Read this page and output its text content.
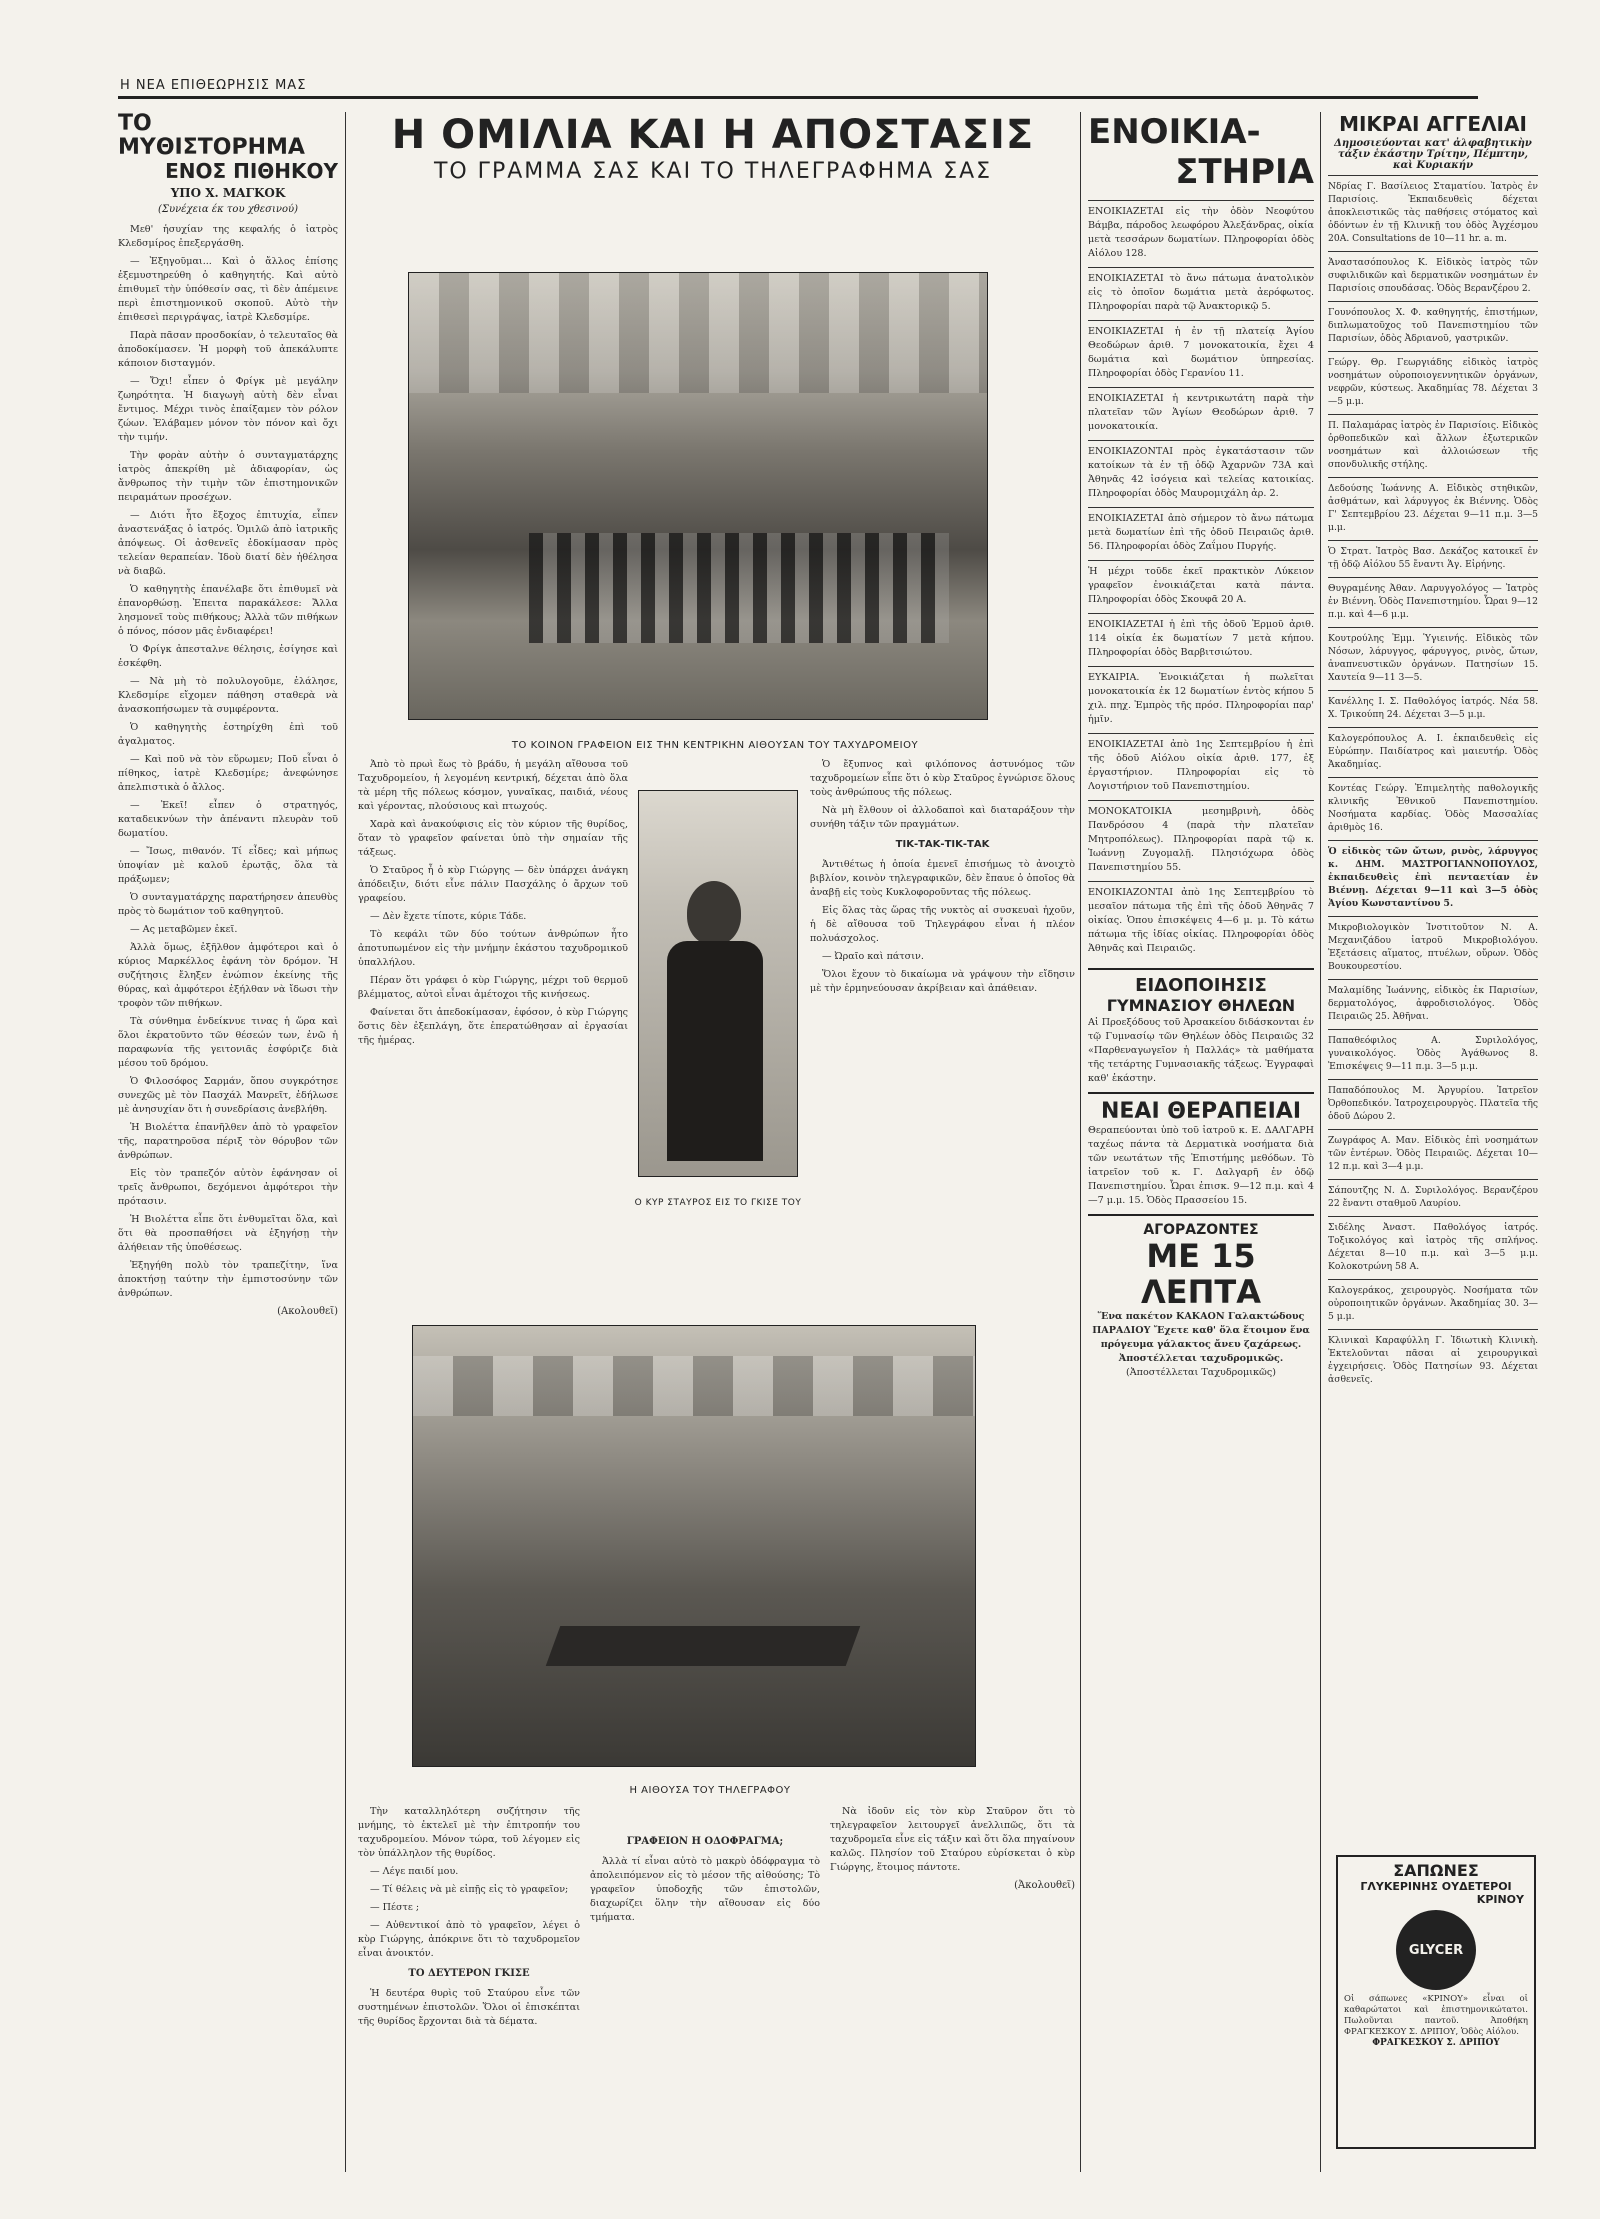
Η ΝΕΑ ΕΠΙΘΕΩΡΗΣΙΣ ΜΑΣ
ΤΟ ΜΥΘΙΣΤΟΡΗΜΑ
ΕΝΟΣ ΠΙΘΗΚΟΥ
ΥΠΟ Χ. ΜΑΓΚΟΚ
(Συνέχεια έκ του χθεσινού)

Μεθ' ἡσυχίαν της κεφαλής ὁ ἰατρὸς Κλεδσμίρος ἐπεξεργάσθη.

— Ἐξηγοῦμαι... Καὶ ὁ ἄλλος ἐπίσης ἐξεμυστηρεύθη ὁ καθηγητής. Καὶ αὐτὸ ἐπιθυμεῖ τὴν ὑπόθεσίν σας, τὶ δὲν ἀπέμεινε περὶ ἐπιστημονικοῦ σκοποῦ. Αὐτὸ τὴν ἐπιθεσεὶ περιγράψας, ἰατρὲ Κλεδσμίρε.

Παρὰ πᾶσαν προσδοκίαν, ὁ τελευταῖος θὰ ἀποδοκίμασεν. Ἡ μορφὴ τοῦ ἀπεκάλυπτε κάποιον δισταγμόν.

— Ὄχι! εἶπεν ὁ Φρίγκ μὲ μεγάλην ζωηρότητα. Ἡ διαγωγὴ αὐτὴ δὲν εἶναι ἔντιμος. Μέχρι τινὸς ἐπαίξαμεν τὸν ρόλον ζώων. Ἐλάβαμεν μόνον τὸν πόνον καὶ ὄχι τὴν τιμήν.

Τὴν φορὰν αὐτὴν ὁ συνταγματάρχης ἰατρὸς ἀπεκρίθη μὲ ἀδιαφορίαν, ὡς ἄνθρωπος τὴν τιμὴν τῶν ἐπιστημονικῶν πειραμάτων προσέχων.

— Διότι ἦτο ἔξοχος ἐπιτυχία, εἶπεν ἀναστενάξας ὁ ἰατρός. Ὁμιλῶ ἀπὸ ἰατρικῆς ἀπόψεως. Οἱ ἀσθενεῖς ἐδοκίμασαν πρὸς τελείαν θεραπείαν. Ἰδοὺ διατί δὲν ἠθέλησα νὰ διαβῶ.

Ὁ καθηγητὴς ἐπανέλαβε ὅτι ἐπιθυμεῖ νὰ ἐπανορθώσῃ. Ἐπειτα παρακάλεσε: Ἄλλα λησμονεῖ τοὺς πιθήκους; Ἀλλὰ τῶν πιθήκων ὁ πόνος, πόσον μᾶς ἐνδιαφέρει!

Ὁ Φρίγκ ἀπεσταλνε θέλησις, ἐσίγησε καὶ ἐσκέφθη.

— Νὰ μὴ τὸ πολυλογοῦμε, ἐλάλησε, Κλεδσμίρε εἴχομεν πάθηση σταθερὰ νὰ ἀνασκοπήσωμεν τὰ συμφέροντα.

Ὁ καθηγητὴς ἐστηρίχθη ἐπὶ τοῦ ἀγαλματος.

— Καὶ ποῦ νὰ τὸν εὕρωμεν; Ποῦ εἶναι ὁ πίθηκος, ἰατρὲ Κλεδσμίρε; ἀνεφώνησε ἀπελπιστικὰ ὁ ἄλλος.

— Ἐκεῖ! εἶπεν ὁ στρατηγός, καταδεικνύων τὴν ἀπέναντι πλευρὰν τοῦ δωματίου.

— Ἴσως, πιθανόν. Τί εἶδες; καὶ μήπως ὑποψίαν μὲ καλοῦ ἐρωτᾷς, ὅλα τὰ πράξωμεν;

Ὁ συνταγματάρχης παρατήρησεν ἀπευθὺς πρὸς τὸ δωμάτιον τοῦ καθηγητοῦ.

— Ας μεταβῶμεν ἐκεῖ.

Ἀλλὰ ὅμως, ἐξῆλθον ἀμφότεροι καὶ ὁ κύριος Μαρκέλλος ἐφάνη τὸν δρόμον. Ἡ συζήτησις ἔληξεν ἐνώπιον ἐκείνης τῆς θύρας, καὶ ἀμφότεροι ἐξήλθαν νὰ ἴδωσι τὴν τροφὸν τῶν πιθήκων.

Τὰ σύνθημα ἐνδείκνυε τινας ἡ ὥρα καὶ ὅλοι ἐκρατοῦντο τῶν θέσεών των, ἐνῶ ἡ παραφωνία τῆς γειτονιᾶς ἐσφύριζε διὰ μέσου τοῦ δρόμου.

Ὁ Φιλοσόφος Σαρμάν, ὅπου συγκρότησε συνεχῶς μὲ τὸν Πασχάλ Μανρεῖτ, ἐδήλωσε μὲ ἀνησυχίαν ὅτι ἡ συνεδρίασις ἀνεβλήθη.

Ἡ Βιολέττα ἐπανῆλθεν ἀπὸ τὸ γραφεῖον τῆς, παρατηροῦσα πέριξ τὸν θόρυβον τῶν ἀνθρώπων.

Εἰς τὸν τραπεζόν αὐτὸν ἐφάνησαν οἱ τρεῖς ἄνθρωποι, δεχόμενοι ἀμφότεροι τὴν πρότασιν.

Ἡ Βιολέττα εἶπε ὅτι ἐνθυμεῖται ὅλα, καὶ ὅτι θὰ προσπαθήσει νὰ ἐξηγήσῃ τὴν ἀλήθειαν τῆς ὑποθέσεως.

Ἐξηγήθη πολὺ τὸν τραπεζίτην, ἵνα ἀποκτήσῃ ταύτην τὴν ἐμπιστοσύνην τῶν ἀνθρώπων.

(Ακολουθεῖ)
Η ΟΜΙΛΙΑ ΚΑΙ Η ΑΠΟΣΤΑΣΙΣ
ΤΟ ΓΡΑΜΜΑ ΣΑΣ ΚΑΙ ΤΟ ΤΗΛΕΓΡΑΦΗΜΑ ΣΑΣ
ΤΟ ΚΟΙΝΟΝ ΓΡΑΦΕΙΟΝ ΕΙΣ ΤΗΝ ΚΕΝΤΡΙΚΗΝ ΑΙΘΟΥΣΑΝ ΤΟΥ ΤΑΧΥΔΡΟΜΕΙΟΥ

Ἀπὸ τὸ πρωὶ ἕως τὸ βράδυ, ἡ μεγάλη αἴθουσα τοῦ Ταχυδρομείου, ἡ λεγομένη κεντρική, δέχεται ἀπὸ ὅλα τὰ μέρη τῆς πόλεως κόσμον, γυναῖκας, παιδιά, νέους καὶ γέροντας, πλούσιους καὶ πτωχούς.

Χαρὰ καὶ ἀνακούφισις εἰς τὸν κύριον τῆς θυρίδος, ὅταν τὸ γραφεῖον φαίνεται ὑπὸ τὴν σημαίαν τῆς τάξεως.

Ὁ Σταῦρος ἦ ὁ κὺρ Γιώργης — δὲν ὑπάρχει ἀνάγκη ἀπόδειξιν, διότι εἶνε πάλιν Πασχάλης ὁ ἄρχων τοῦ γραφείου.

— Δὲν ἔχετε τίποτε, κύριε Τάδε.

Τὸ κεφάλι τῶν δύο τούτων ἀνθρώπων ἦτο ἀποτυπωμένον εἰς τὴν μνήμην ἑκάστου ταχυδρομικοῦ ὑπαλλήλου.

Πέραν ὅτι γράφει ὁ κὺρ Γιώργης, μέχρι τοῦ θερμοῦ βλέμματος, αὐτοὶ εἶναι ἀμέτοχοι τῆς κινήσεως.

Φαίνεται ὅτι ἀπεδοκίμασαν, ἐφόσον, ὁ κὺρ Γιώργης ὅστις δὲν ἐξεπλάγη, ὅτε ἐπερατώθησαν αἱ ἐργασίαι τῆς ἡμέρας.

Ο ΚΥΡ ΣΤΑΥΡΟΣ ΕΙΣ ΤΟ ΓΚΙΣΕ ΤΟΥ

Ὁ ἔξυπνος καὶ φιλόπονος ἀστυνόμος τῶν ταχυδρομείων εἶπε ὅτι ὁ κὺρ Σταῦρος ἐγνώρισε ὅλους τοὺς ἀνθρώπους τῆς πόλεως.

Νὰ μὴ ἔλθουν οἱ ἀλλοδαποὶ καὶ διαταράξουν τὴν συνήθη τάξιν τῶν πραγμάτων.

ΤΙΚ-ΤΑΚ-ΤΙΚ-ΤΑΚ

Ἀντιθέτως ἡ ὁποία ἐμενεῖ ἐπισήμως τὸ ἀνοιχτὸ βιβλίον, κοινὸν τηλεγραφικῶν, δὲν ἔπαυε ὁ ὁποῖος θὰ ἀναβῇ εἰς τοὺς Κυκλοφοροῦντας τῆς πόλεως.

Εἰς ὅλας τὰς ὥρας τῆς νυκτὸς αἱ συσκευαὶ ἠχοῦν, ἡ δὲ αἴθουσα τοῦ Τηλεγράφου εἶναι ἡ πλέον πολυάσχολος.

— Ὠραῖο καὶ πάτσιν.

Ὅλοι ἔχουν τὸ δικαίωμα νὰ γράψουν τὴν εἴδησιν μὲ τὴν ἑρμηνεύουσαν ἀκρίβειαν καὶ ἀπάθειαν.

Η ΑΙΘΟΥΣΑ ΤΟΥ ΤΗΛΕΓΡΑΦΟΥ

Τὴν καταλληλότερη συζήτησιν τῆς μνήμης, τὸ ἐκτελεῖ μὲ τὴν ἐπιτροπήν του ταχυδρομείου. Μόνον τώρα, τοῦ λέγομεν εἰς τὸν ὑπάλληλον τῆς θυρίδος.

— Λέγε παιδί μου.

— Τί θέλεις νὰ μὲ εἰπῇς εἰς τὸ γραφεῖον;

— Πέστε ;

— Αὐθεντικοί ἀπὸ τὸ γραφεῖον, λέγει ὁ κὺρ Γιώργης, ἀπόκρινε ὅτι τὸ ταχυδρομεῖον εἶναι ἀνοικτόν.

ΤΟ ΔΕΥΤΕΡΟΝ ΓΚΙΣΕ

Ἡ δευτέρα θυρὶς τοῦ Σταύρου εἶνε τῶν συστημένων ἐπιστολῶν. Ὅλοι οἱ ἐπισκέπται τῆς θυρίδος ἔρχονται διὰ τὰ δέματα.

ΓΡΑΦΕΙΟΝ Η ΟΔΟΦΡΑΓΜΑ;

Ἀλλὰ τί εἶναι αὐτὸ τὸ μακρὺ ὁδόφραγμα τὸ ἀπολειπόμενον εἰς τὸ μέσον τῆς αἰθούσης; Τὸ γραφεῖον ὑποδοχῆς τῶν ἐπιστολῶν, διαχωρίζει ὅλην τὴν αἴθουσαν εἰς δύο τμήματα.

Νὰ ἰδοῦν εἰς τὸν κὺρ Σταῦρον ὅτι τὸ τηλεγραφεῖον λειτουργεῖ ἀνελλιπῶς, ὅτι τὰ ταχυδρομεῖα εἶνε εἰς τάξιν καὶ ὅτι ὅλα πηγαίνουν καλῶς. Πλησίον τοῦ Σταύρου εὑρίσκεται ὁ κὺρ Γιώργης, ἕτοιμος πάντοτε.

(Ἀκολουθεῖ)
ΕΝΟΙΚΙΑ-
ΣΤΗΡΙΑ
ΕΝΟΙΚΙΑΖΕΤΑΙ εἰς τὴν ὁδὸν Νεοφύτου Βάμβα, πάροδος λεωφόρου Ἀλεξάνδρας, οἰκία μετὰ τεσσάρων δωματίων. Πληροφορίαι ὁδὸς Αἰόλου 128.
ΕΝΟΙΚΙΑΖΕΤΑΙ τὸ ἄνω πάτωμα ἀνατολικὸν εἰς τὸ ὁποῖον δωμάτια μετὰ ἀερόφωτος. Πληροφορίαι παρὰ τῷ Ἀνακτορικῷ 5.
ΕΝΟΙΚΙΑΖΕΤΑΙ ἡ ἐν τῇ πλατείᾳ Ἁγίου Θεοδώρων ἀριθ. 7 μονοκατοικία, ἔχει 4 δωμάτια καὶ δωμάτιον ὑπηρεσίας. Πληροφορίαι ὁδὸς Γερανίου 11.
ΕΝΟΙΚΙΑΖΕΤΑΙ ἡ κεντρικωτάτη παρὰ τὴν πλατεῖαν τῶν Ἁγίων Θεοδώρων ἀριθ. 7 μονοκατοικία.
ΕΝΟΙΚΙΑΖΟΝΤΑΙ πρὸς ἐγκατάστασιν τῶν κατοίκων τὰ ἐν τῇ ὁδῷ Ἀχαρνῶν 73Α καὶ Ἀθηνᾶς 42 ἰσόγεια καὶ τελείας κατοικίας. Πληροφορίαι ὁδὸς Μαυρομιχάλη ἀρ. 2.
ΕΝΟΙΚΙΑΖΕΤΑΙ ἀπὸ σήμερον τὸ ἄνω πάτωμα μετὰ δωματίων ἐπὶ τῆς ὁδοῦ Πειραιῶς ἀριθ. 56. Πληροφορίαι ὁδὸς Ζαΐμου Πυργής.
Ἡ μέχρι τοῦδε ἐκεῖ πρακτικὸν Λύκειον γραφεῖον ἐνοικιάζεται κατὰ πάντα. Πληροφορίαι ὁδὸς Σκουφᾶ 20 Α.
ΕΝΟΙΚΙΑΖΕΤΑΙ ἡ ἐπὶ τῆς ὁδοῦ Ἐρμοῦ ἀριθ. 114 οἰκία ἐκ δωματίων 7 μετὰ κήπου. Πληροφορίαι ὁδὸς Βαρβιτσιώτου.
ΕΥΚΑΙΡΙΑ. Ἐνοικιάζεται ἡ πωλεῖται μονοκατοικία ἐκ 12 δωματίων ἐντὸς κήπου 5 χιλ. πηχ. Ἐμπρὸς τῆς πρόσ. Πληροφορίαι παρ' ἡμῖν.
ΕΝΟΙΚΙΑΖΕΤΑΙ ἀπὸ 1ης Σεπτεμβρίου ἡ ἐπὶ τῆς ὁδοῦ Αἰόλου οἰκία ἀριθ. 177, ἐξ ἐργαστήριον. Πληροφορίαι εἰς τὸ Λογιστήριον τοῦ Πανεπιστημίου.
ΜΟΝΟΚΑΤΟΙΚΙΑ μεσημβρινὴ, ὁδὸς Πανδρόσου 4 (παρὰ τὴν πλατεῖαν Μητροπόλεως). Πληροφορίαι παρὰ τῷ κ. Ἰωάννῃ Ζυγομαλῇ. Πλησιόχωρα ὁδὸς Πανεπιστημίου 55.
ΕΝΟΙΚΙΑΖΟΝΤΑΙ ἀπὸ 1ης Σεπτεμβρίου τὸ μεσαῖον πάτωμα τῆς ἐπὶ τῆς ὁδοῦ Ἀθηνᾶς 7 οἰκίας. Ὁπου ἐπισκέψεις 4—6 μ. μ. Τὸ κάτω πάτωμα τῆς ἰδίας οἰκίας. Πληροφορίαι ὁδὸς Ἀθηνᾶς καὶ Πειραιῶς.
ΕΙΔΟΠΟΙΗΣΙΣ
ΓΥΜΝΑΣΙΟΥ ΘΗΛΕΩΝ
Αἱ Προεξόδους τοῦ Ἀρσακείου διδάσκονται ἐν τῷ Γυμνασίῳ τῶν Θηλέων ὁδὸς Πειραιῶς 32 «Παρθεναγωγεῖον ἡ Παλλάς» τὰ μαθήματα τῆς τετάρτης Γυμνασιακῆς τάξεως. Ἐγγραφαὶ καθ' ἑκάστην.
ΝΕΑΙ ΘΕΡΑΠΕΙΑΙ
Θεραπεύονται ὑπὸ τοῦ ἰατροῦ κ. Ε. ΔΑΛΓΑΡΗ ταχέως πάντα τὰ Δερματικὰ νοσήματα διὰ τῶν νεωτάτων τῆς Ἐπιστήμης μεθόδων. Τὸ ἰατρεῖον τοῦ κ. Γ. Δαλγαρῆ ἐν ὁδῷ Πανεπιστημίου. Ὧραι ἐπισκ. 9—12 π.μ. καὶ 4—7 μ.μ. 15. Ὁδὸς Πρασσείου 15.
ΑΓΟΡΑΖΟΝΤΕΣ
ΜΕ 15 ΛΕΠΤΑ
Ἕνα πακέτον ΚΑΚΑΟΝ Γαλακτώδους ΠΑΡΑΔΙΟΥ Ἔχετε καθ' ὅλα ἕτοιμον ἕνα πρόγευμα γάλακτος ἄνευ ζαχάρεως. Ἀποστέλλεται ταχυδρομικῶς.
(Ἀποστέλλεται Ταχυδρομικῶς)
ΜΙΚΡΑΙ ΑΓΓΕΛΙΑΙ
Δημοσιεύονται κατ' ἀλφαβητικὴν τάξιν ἑκάστην Τρίτην, Πέμπτην, καὶ Κυριακήν
Νδρίας Γ. Βασίλειος Σταματίου. Ἰατρὸς ἐν Παρισίοις. Ἐκπαιδευθεὶς δέχεται ἀποκλειστικῶς τὰς παθήσεις στόματος καὶ ὀδόντων ἐν τῇ Κλινικῇ του ὁδὸς Ἀγχέσμου 20Α. Consultations de 10—11 hr. a. m.
Ἀναστασόπουλος Κ. Εἰδικὸς ἰατρὸς τῶν συφιλιδικῶν καὶ δερματικῶν νοσημάτων ἐν Παρισίοις σπουδάσας. Ὁδὸς Βερανζέρου 2.
Γουνόπουλος Χ. Φ. καθηγητής, ἐπιστήμων, διπλωματοῦχος τοῦ Πανεπιστημίου τῶν Παρισίων, ὁδὸς Ἀδριανοῦ, γαστρικῶν.
Γεώργ. Θρ. Γεωργιάδης εἰδικὸς ἰατρὸς νοσημάτων οὐροποιογεννητικῶν ὀργάνων, νεφρῶν, κύστεως. Ἀκαδημίας 78. Δέχεται 3—5 μ.μ.
Π. Παλαμάρας ἰατρὸς ἐν Παρισίοις. Εἰδικὸς ὀρθοπεδικῶν καὶ ἄλλων ἐξωτερικῶν νοσημάτων καὶ ἀλλοιώσεων τῆς σπονδυλικῆς στήλης.
Δεδούσης Ἰωάννης Α. Εἰδικὸς στηθικῶν, ἀσθμάτων, καὶ λάρυγγος ἐκ Βιέννης. Ὁδὸς Γ' Σεπτεμβρίου 23. Δέχεται 9—11 π.μ. 3—5 μ.μ.
Ὁ Στρατ. Ἰατρὸς Βασ. Δεκάζος κατοικεῖ ἐν τῇ ὁδῷ Αἰόλου 55 ἔναντι Ἁγ. Εἰρήνης.
Θυγραμένης Ἀθαν. Λαρυγγολόγος — Ἰατρὸς ἐν Βιέννη. Ὁδὸς Πανεπιστημίου. Ὧραι 9—12 π.μ. καὶ 4—6 μ.μ.
Κουτρούλης Ἐμμ. Ὑγιεινής. Εἰδικὸς τῶν Νόσων, λάρυγγος, φάρυγγος, ρινὸς, ὤτων, ἀναπνευστικῶν ὀργάνων. Πατησίων 15. Χαυτεία 9—11 3—5.
Κανέλλης Ι. Σ. Παθολόγος ἰατρός. Νέα 58. Χ. Τρικούπη 24. Δέχεται 3—5 μ.μ.
Καλογερόπουλος Α. Ι. ἐκπαιδευθεὶς εἰς Εὐρώπην. Παιδίατρος καὶ μαιευτήρ. Ὁδὸς Ἀκαδημίας.
Κοντέας Γεώργ. Ἐπιμελητὴς παθολογικῆς κλινικῆς Ἐθνικοῦ Πανεπιστημίου. Νοσήματα καρδίας. Ὁδὸς Μασσαλίας ἀριθμὸς 16.
Ὁ εἰδικὸς τῶν ὤτων, ρινὸς, λάρυγγος κ. ΔΗΜ. ΜΑΣΤΡΟΓΙΑΝΝΟΠΟΥΛΟΣ, ἐκπαιδευθεὶς ἐπὶ πενταετίαν ἐν Βιέννῃ. Δέχεται 9—11 καὶ 3—5 ὁδὸς Ἀγίου Κωνσταντίνου 5.
Μικροβιολογικὸν Ἰνστιτοῦτον Ν. Α. Μεχανιζάδου ἰατροῦ Μικροβιολόγου. Ἐξετάσεις αἵματος, πτυέλων, οὔρων. Ὁδὸς Βουκουρεστίου.
Μαλαμίδης Ἰωάννης, εἰδικὸς ἐκ Παρισίων, δερματολόγος, ἀφροδισιολόγος. Ὁδὸς Πειραιῶς 25. Ἀθῆναι.
Παπαθεόφιλος Α. Συριλολόγος, γυναικολόγος. Ὁδὸς Ἀγάθωνος 8. Ἐπισκέψεις 9—11 π.μ. 3—5 μ.μ.
Παπαδόπουλος Μ. Ἀργυρίου. Ἰατρεῖον Ὀρθοπεδικόν. Ἰατροχειρουργὸς. Πλατεῖα τῆς ὁδοῦ Δώρου 2.
Ζωγράφος Α. Μαν. Εἰδικὸς ἐπὶ νοσημάτων τῶν ἐντέρων. Ὁδὸς Πειραιῶς. Δέχεται 10—12 π.μ. καὶ 3—4 μ.μ.
Σάπουτζης Ν. Δ. Συριλολόγος. Βερανζέρου 22 ἔναντι σταθμοῦ Λαυρίου.
Σιδέλης Ἀναστ. Παθολόγος ἰατρός. Τοξικολόγος καὶ ἰατρὸς τῆς σπλήνος. Δέχεται 8—10 π.μ. καὶ 3—5 μ.μ. Κολοκοτρώνη 58 Α.
Καλογεράκος, χειρουργὸς. Νοσήματα τῶν οὐροποιητικῶν ὀργάνων. Ἀκαδημίας 30. 3—5 μ.μ.
Κλινικαὶ Καραφύλλη Γ. Ἰδιωτικὴ Κλινικὴ. Ἐκτελοῦνται πᾶσαι αἱ χειρουργικαὶ ἐγχειρήσεις. Ὁδὸς Πατησίων 93. Δέχεται ἀσθενεῖς.
ΣΑΠΩΝΕΣ
ΓΛΥΚΕΡΙΝΗΣ ΟΥΔΕΤΕΡΟΙ
ΚΡΙΝΟΥ
GLYCER
Οἱ σάπωνες «ΚΡΙΝΟΥ» εἶναι οἱ καθαρώτατοι καὶ ἐπιστημονικώτατοι. Πωλοῦνται παντοῦ. Ἀποθήκη ΦΡΑΓΚΕΣΚΟΥ Σ. ΔΡΙΠΟΥ, Ὁδὸς Αἰόλου.
ΦΡΑΓΚΕΣΚΟΥ Σ. ΔΡΙΠΟΥ
